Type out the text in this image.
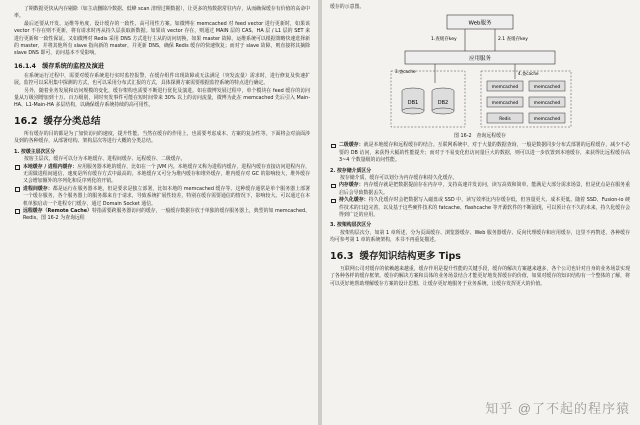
了期数据更快从内存剔除（如主动删除冷数据、低峰 scan 清理过期数据），让更多的热数据常驻内存，从而确保缓存有价值的高命中率。

最后还要从开发、运维等角度，设计缓存的一致性、高可用性方案。如微博在 memcached 对 feed vector 进行更新时，如果该 vector 不存在则不更新，将有请求时再从持久层获取新数据。如果该 vector 存在，则通过 MAIN 层的 CAS、HA 层 / L1 层的 SET 来进行更新和一致性保证。又如微博对 Redis 采用 DNS 方式进行主从的访问切换，如果 master 故障，运维系统可以根据策略快速选择新的 master，并将其他所有 slave 指向新的 master，并更新 DNS，确保 Redis 缓存的快速恢复；而对于 slave 故障，则直接将其摘除 slave DNS 即可，访问基本不受影响。

16.1.4　缓存系统的监控及演进

在系统运行过程中，需要对缓存系统进行实时监控报警，在缓存组件出现故障或无法满足（突发流量）需求时，进行修复及快速扩展。监控可以采用集中探测的方式，也可以采用分布式汇报的方式，具体探测方案需要根据监控系统的特点进行确定。

另外，随着业务发展和访问规模的变化，缓存架构也需要不断进行优化及演进。如在微博发展过程中，单个模块在 feed 缓存的访问量从万级别增加到十万、百万级别，同时突发事件可能在短时间带来 30% 以上的访问流量，微博为此在 memcached 先后引入 Main-HA、L1-Main-HA 多层结构，以确保缓存系统持续的高可用性。

16.2 缓存分类总结

所有缓存的目的都是为了加快访问的速度，提升性能。当然在缓存的作用上，也需要考虑成本、方案的复杂性等。下面将会对前面涉及到的各种缓存，从部署结构、架构层次等进行大概的分类总结。

1. 按缓主层次区分

按宿主层次，缓存可以分为本地缓存、进程间缓存、远程缓存、二级缓存。

本地缓存 / 进程内缓存：应用服务器本地的缓存，比如在一个 JVM 内。本地缓存又称为进程内缓存，进程内缓存直接访问进程内存，无需做进程间通信，速度是所有缓存方式中最高的。本地缓存又可分为堆内缓存和堆外缓存，堆内缓存对 GC 的影响较大，堆外缓存又会增加额外的序列化和反序列化的开销。
进程间缓存：都是运行在服务器本地，但是要求是独立部署，比如本地的 memcached 缓存等。这种缓存通常是单个服务器上部署一个缓存服务，各个服务器上的服务都来自于请求，导致系统扩展性较差，特别在缓存需要通信的情况下，影响较大。可以通过在本机单独启动一个进程专门缓存，通过 Domain Socket 通信。
远程缓存（Remote Cache）特指需要跨服务器访问的缓存，一般缓存数据存放于单独的缓存服务器上，典型的如 memcached、Redis。图 16-2 为查询远程

缓存的示意图。

Web服务
1.查缓存key	2.1 查缓存key
应用服务
3.查cache	4.查cache
DB1	DB2
memcached	memcached
memcached	memcached
Redis	memcached
图 16-2　查询远程缓存
二级缓存：就是本地缓存和远程缓存的结合。互联网系统中，对于大量的数据查询，一般是数据同步分布式部署的远程缓存，减少不必要的 DB 访问，来获得大幅的性能提升；而对于不易变化但访问量巨大的数据，则可以进一步放置到本地缓存，来获得比远程缓存高 3~4 个数量级的访问性能。
2. 按存储介质区分

按存储介质，缓存可以划分为内存缓存和持久化缓存。

内存缓存：内存缓存就是把数据提前存在内存中，支持高速并发访问，读写高效和简单，能满足大部分需求场景，但是优点是在服务重启后会导致数据丢失。
持久化缓存：持久化缓存时会把数据写入磁盘或 SSD 中，读写效率比内存缓存低，但容量更大、成本更低。随着 SSD、Fusion-io 硬件技术的日趋完善，以及基于这些硬件技术的 fatcache、flashcache 等开源软件的不断涌现，可以预计在不久的未来，持久化缓存会得到广泛的应用。
3. 按架构层次区分

按架构层次分，如第 1 章所述，分为页面缓存、浏览器缓存、Web 服务器缓存、反向代理缓存和应用缓存，这里不再赘述，各种缓存均可参考第 1 章的系统架构，本书不再重复描述。

16.3 缓存知识结构更多 Tips

互联网公司对缓存的依赖越来越重，缓存作用是提升性能的关键手段，缓存的解决方案越来越多，各个公司也针对自身的业务场景实现了各种各样的缓存框架。缓存的解决方案和具体的业务场景结合才能更好地发挥缓存的价值，如果对缓存的知识结构有一个整体的了解，将可以更好地帮助理解缓存方案的设计思想，让缓存更好地服务于业务系统，让缓存发挥更大的价值。

知乎 @了不起的程序猿
